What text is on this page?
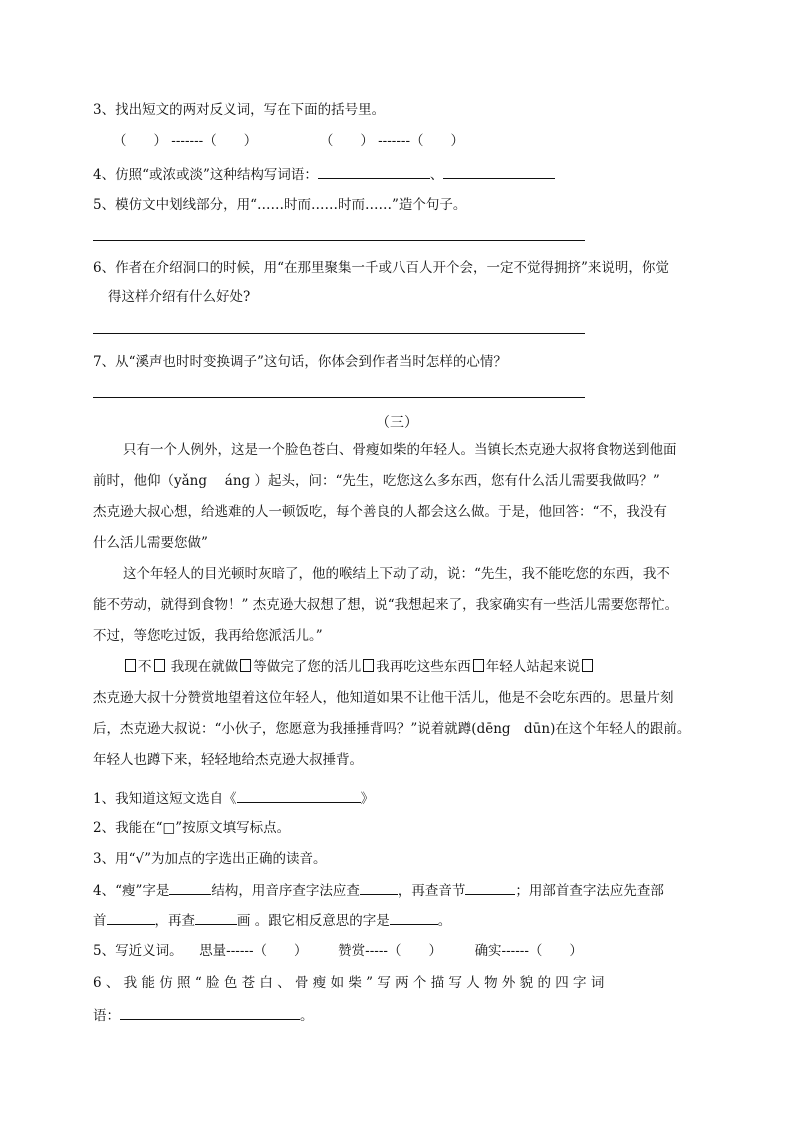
3、找出短文的两对反义词，写在下面的括号里。
（　　） -------（　　）	（　　） -------（　　）
4、仿照“或浓或淡”这种结构写词语：	、
5、模仿文中划线部分，用“……时而……时而……”造个句子。
6、作者在介绍洞口的时候，用“在那里聚集一千或八百人开个会，一定不觉得拥挤”来说明，你觉
得这样介绍有什么好处?
7、从“溪声也时时变换调子”这句话，你体会到作者当时怎样的心情？
（三）
只有一个人例外，这是一个脸色苍白、骨瘦如柴的年轻人。当镇长杰克逊大叔将食物送到他面
前时，他仰（yǎng　 áng ）起头，问：“先生，吃您这么多东西，您有什么活儿需要我做吗？”
杰克逊大叔心想，给逃难的人一顿饭吃，每个善良的人都会这么做。于是，他回答：“不，我没有
什么活儿需要您做”
这个年轻人的目光顿时灰暗了，他的喉结上下动了动，说：“先生，我不能吃您的东西，我不
能不劳动，就得到食物！” 杰克逊大叔想了想，说“我想起来了，我家确实有一些活儿需要您帮忙。
不过，等您吃过饭，我再给您派活儿。”
不 我现在就做 等做完了您的活儿 我再吃这些东西 年轻人站起来说
杰克逊大叔十分赞赏地望着这位年轻人，他知道如果不让他干活儿，他是不会吃东西的。思量片刻
后，杰克逊大叔说：“小伙子，您愿意为我捶捶背吗？”说着就蹲(dēng　dūn)在这个年轻人的跟前。
年轻人也蹲下来，轻轻地给杰克逊大叔捶背。
1、我知道这短文选自《	》
2、我能在“□”按原文填写标点。
3、用“√”为加点的字选出正确的读音。
4、“瘦”字是	结构，用音序查字法应查	，再查音节	；用部首查字法应先查部
首	，再查	画 。跟它相反意思的字是	。
5、写近义词。 思量------（　　） 赞赏-----（　　） 确实------（　　）
6 、 我 能 仿 照 “ 脸 色 苍 白 、 骨 瘦 如 柴 ” 写 两 个 描 写 人 物 外 貌 的 四 字 词
语：	。
